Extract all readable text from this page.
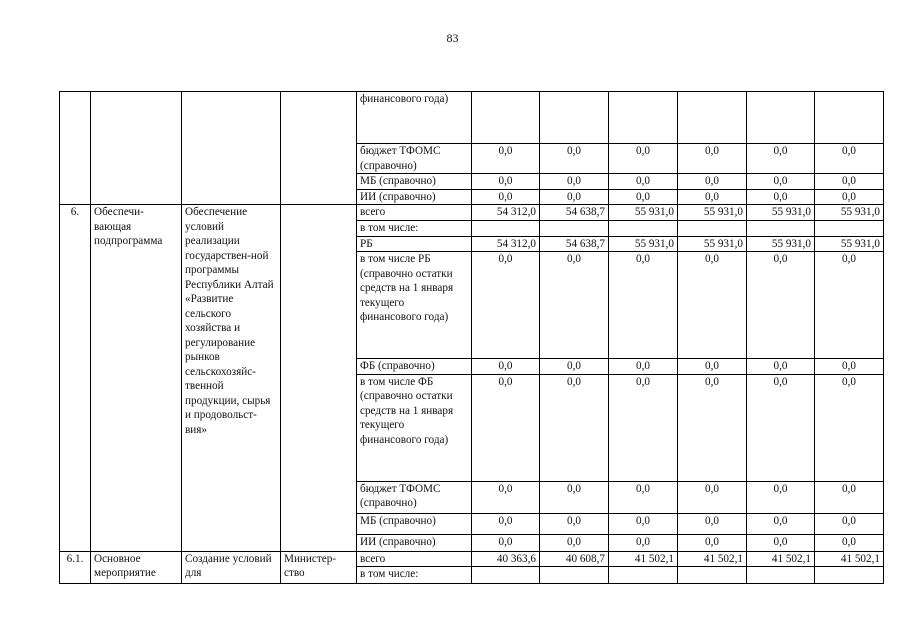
83
				финансового года)						
				бюджет ТФОМС (справочно)	0,0	0,0	0,0	0,0	0,0	0,0
				МБ (справочно)	0,0	0,0	0,0	0,0	0,0	0,0
				ИИ (справочно)	0,0	0,0	0,0	0,0	0,0	0,0
6.	Обеспечи-вающая подпрограмма	Обеспечение условий реализации государствен-ной программы Республики Алтай «Развитие сельского хозяйства и регулирование рынков сельскохозяйс-твенной продукции, сырья и продовольст-вия»		всего	54 312,0	54 638,7	55 931,0	55 931,0	55 931,0	55 931,0
				в том числе:						
				РБ	54 312,0	54 638,7	55 931,0	55 931,0	55 931,0	55 931,0
				в том числе РБ (справочно остатки средств на 1 января текущего финансового года)	0,0	0,0	0,0	0,0	0,0	0,0
				ФБ (справочно)	0,0	0,0	0,0	0,0	0,0	0,0
				в том числе ФБ (справочно остатки средств на 1 января текущего финансового года)	0,0	0,0	0,0	0,0	0,0	0,0
				бюджет ТФОМС (справочно)	0,0	0,0	0,0	0,0	0,0	0,0
				МБ (справочно)	0,0	0,0	0,0	0,0	0,0	0,0
				ИИ (справочно)	0,0	0,0	0,0	0,0	0,0	0,0
6.1.	Основное мероприятие	Создание условий для	Министер-ство	всего	40 363,6	40 608,7	41 502,1	41 502,1	41 502,1	41 502,1
				в том числе:						
